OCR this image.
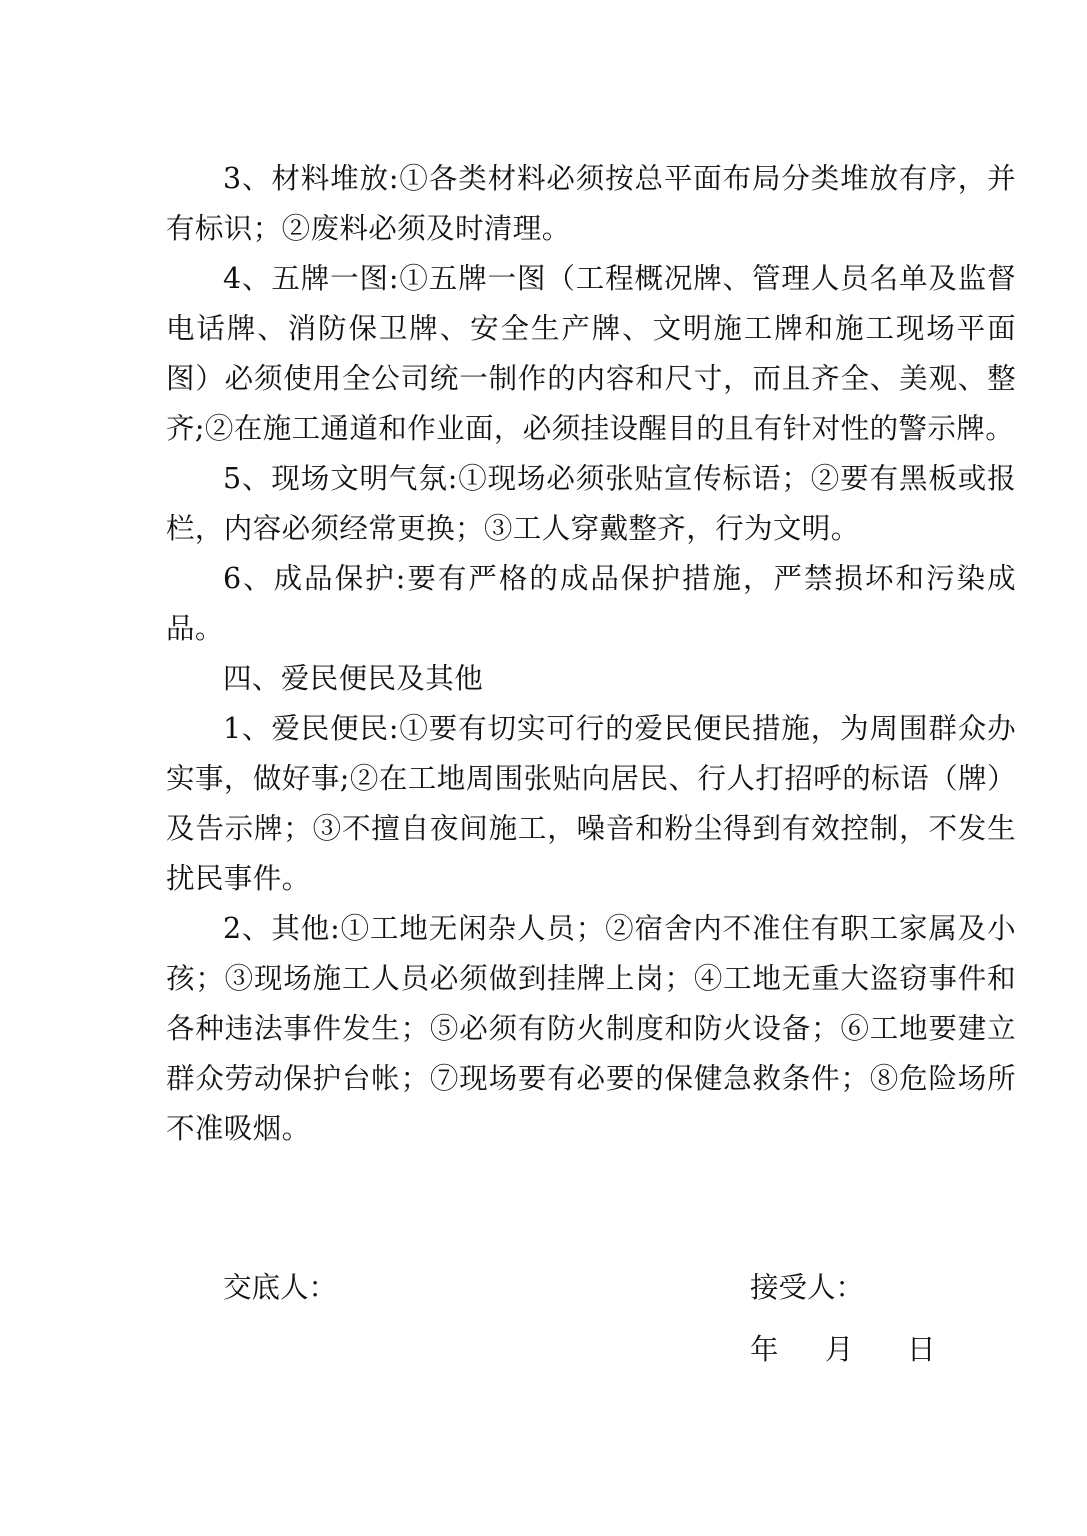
3、材料堆放:①各类材料必须按总平面布局分类堆放有序，并有标识；②废料必须及时清理。

4、五牌一图:①五牌一图（工程概况牌、管理人员名单及监督电话牌、消防保卫牌、安全生产牌、文明施工牌和施工现场平面图）必须使用全公司统一制作的内容和尺寸，而且齐全、美观、整齐;②在施工通道和作业面，必须挂设醒目的且有针对性的警示牌。

5、现场文明气氛:①现场必须张贴宣传标语；②要有黑板或报栏，内容必须经常更换；③工人穿戴整齐，行为文明。

6、成品保护:要有严格的成品保护措施，严禁损坏和污染成品。

四、爱民便民及其他

1、爱民便民:①要有切实可行的爱民便民措施，为周围群众办实事，做好事;②在工地周围张贴向居民、行人打招呼的标语（牌）及告示牌；③不擅自夜间施工，噪音和粉尘得到有效控制，不发生扰民事件。

2、其他:①工地无闲杂人员；②宿舍内不准住有职工家属及小孩；③现场施工人员必须做到挂牌上岗；④工地无重大盗窃事件和各种违法事件发生；⑤必须有防火制度和防火设备；⑥工地要建立群众劳动保护台帐；⑦现场要有必要的保健急救条件；⑧危险场所不准吸烟。

交底人：	接受人：
年 月 日
